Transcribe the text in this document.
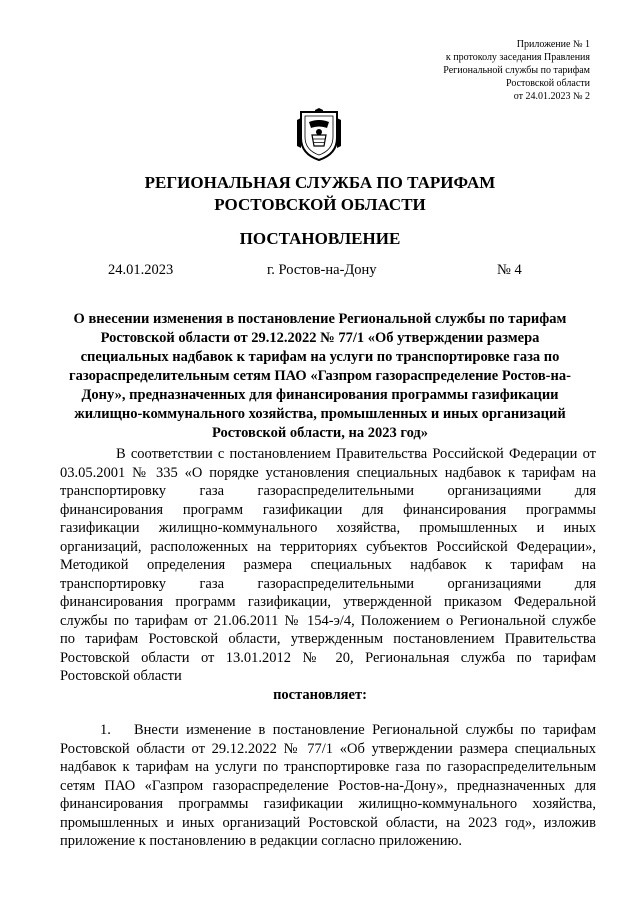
Приложение № 1
к протоколу заседания Правления
Региональной службы по тарифам
Ростовской области
от 24.01.2023 № 2
РЕГИОНАЛЬНАЯ СЛУЖБА ПО ТАРИФАМ
РОСТОВСКОЙ ОБЛАСТИ
ПОСТАНОВЛЕНИЕ
24.01.2023	г. Ростов-на-Дону	№ 4
О внесении изменения в постановление Региональной службы по тарифам
Ростовской области от 29.12.2022 № 77/1 «Об утверждении размера
специальных надбавок к тарифам на услуги по транспортировке газа по
газораспределительным сетям ПАО «Газпром газораспределение Ростов-на-
Дону», предназначенных для финансирования программы газификации
жилищно-коммунального хозяйства, промышленных и иных организаций
Ростовской области, на 2023 год»
В соответствии с постановлением Правительства Российской Федерации от
03.05.2001 № 335 «О порядке установления специальных надбавок к тарифам на
транспортировку газа газораспределительными организациями для
финансирования программ газификации для финансирования программы
газификации жилищно-коммунального хозяйства, промышленных и иных
организаций, расположенных на территориях субъектов Российской Федерации»,
Методикой определения размера специальных надбавок к тарифам на
транспортировку газа газораспределительными организациями для
финансирования программ газификации, утвержденной приказом Федеральной
службы по тарифам от 21.06.2011 № 154-э/4, Положением о Региональной службе
по тарифам Ростовской области, утвержденным постановлением Правительства
Ростовской области от 13.01.2012 № 20, Региональная служба по тарифам
Ростовской области
постановляет:
1.	Внести изменение в постановление Региональной службы по тарифам
Ростовской области от 29.12.2022 № 77/1 «Об утверждении размера специальных
надбавок к тарифам на услуги по транспортировке газа по газораспределительным
сетям ПАО «Газпром газораспределение Ростов-на-Дону», предназначенных для
финансирования программы газификации жилищно-коммунального хозяйства,
промышленных и иных организаций Ростовской области, на 2023 год», изложив
приложение к постановлению в редакции согласно приложению.
